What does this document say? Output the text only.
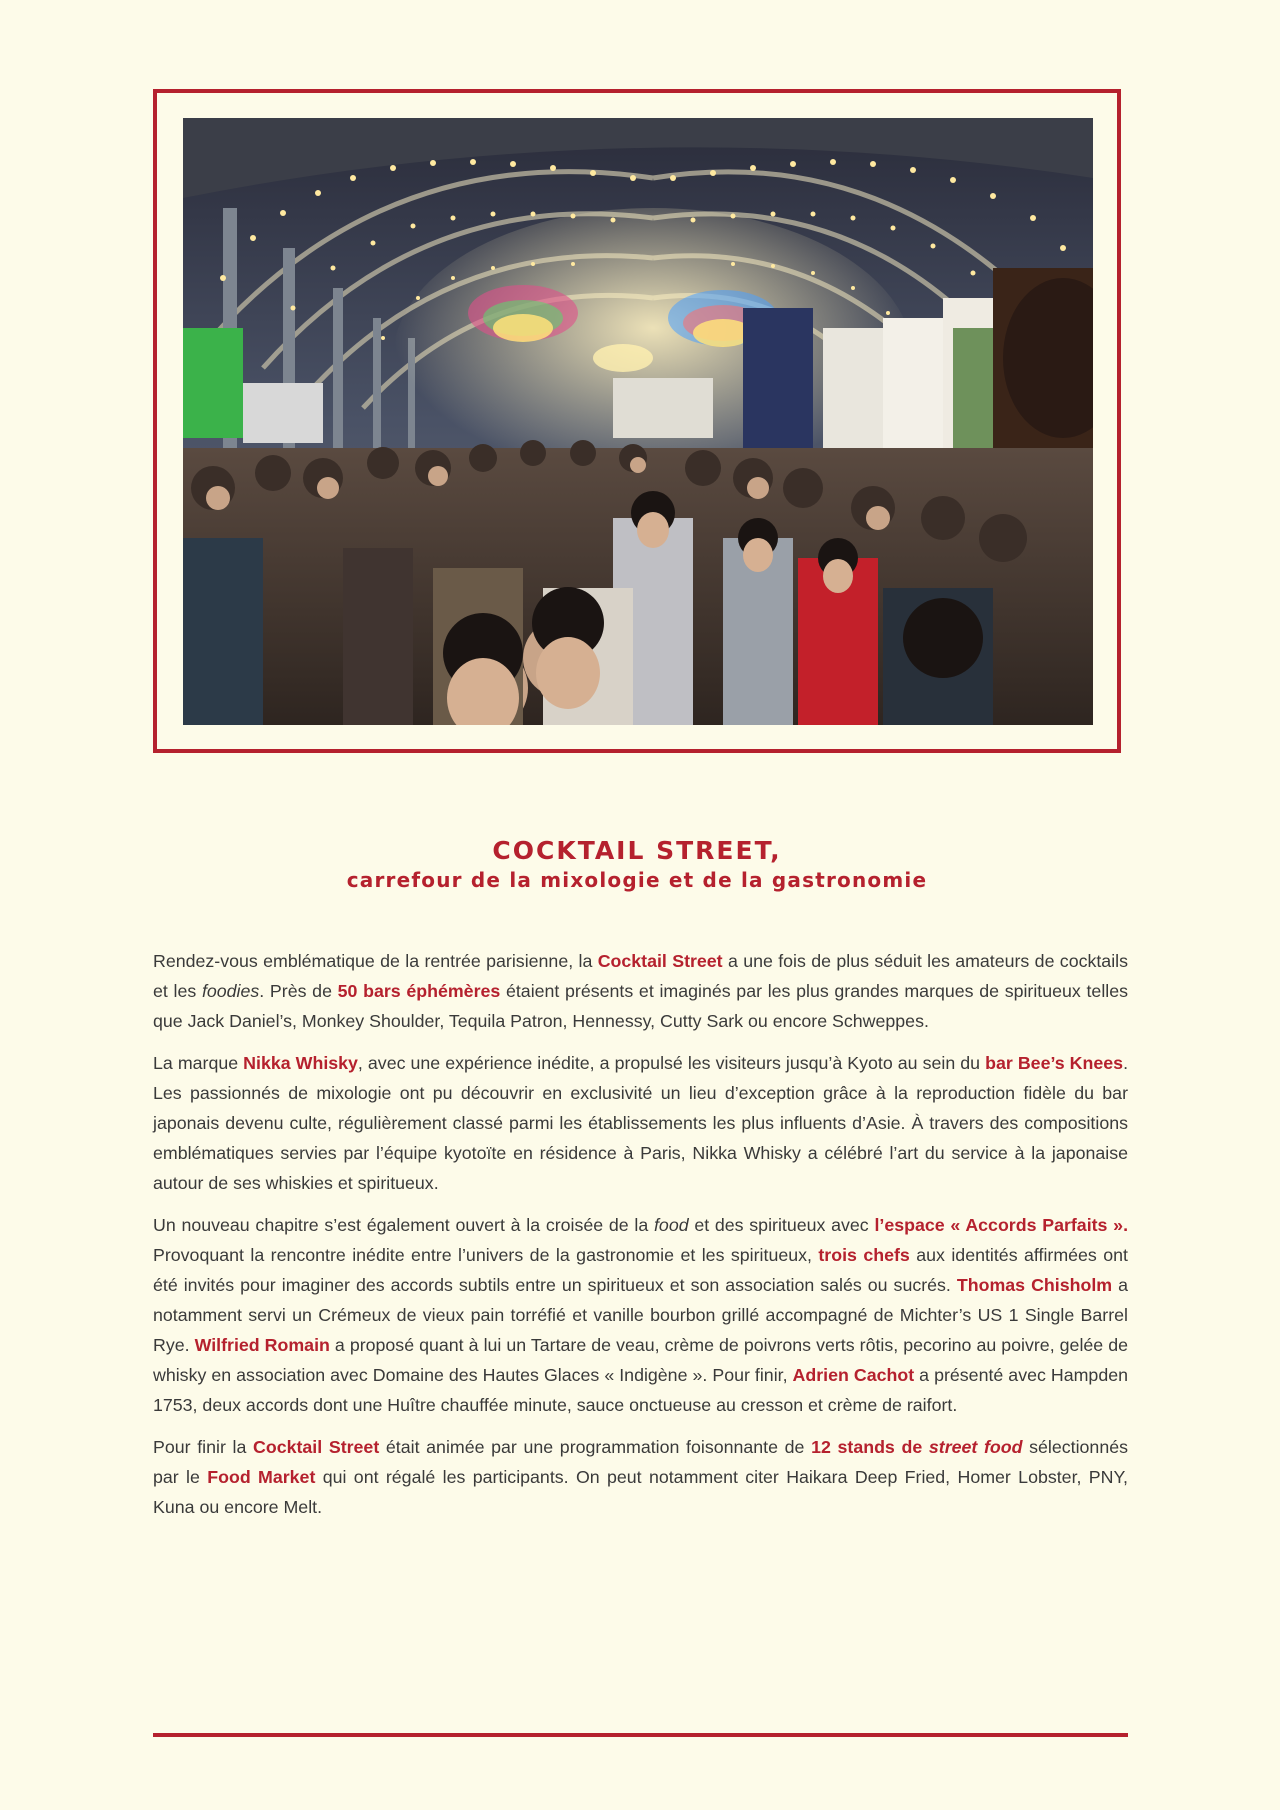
COCKTAIL STREET,
carrefour de la mixologie et de la gastronomie

Rendez-vous emblématique de la rentrée parisienne, la Cocktail Street a une fois de plus séduit les amateurs de cocktails et les foodies. Près de 50 bars éphémères étaient présents et imaginés par les plus grandes marques de spiritueux telles que Jack Daniel’s, Monkey Shoulder, Tequila Patron, Hennessy, Cutty Sark ou encore Schweppes.

La marque Nikka Whisky, avec une expérience inédite, a propulsé les visiteurs jusqu’à Kyoto au sein du bar Bee’s Knees. Les passionnés de mixologie ont pu découvrir en exclusivité un lieu d’exception grâce à la reproduction fidèle du bar japonais devenu culte, régulièrement classé parmi les établissements les plus influents d’Asie. À travers des compositions emblématiques servies par l’équipe kyotoïte en résidence à Paris, Nikka Whisky a célébré l’art du service à la japonaise autour de ses whiskies et spiritueux.

Un nouveau chapitre s’est également ouvert à la croisée de la food et des spiritueux avec l’espace « Accords Parfaits ». Provoquant la rencontre inédite entre l’univers de la gastronomie et les spiritueux, trois chefs aux identités affirmées ont été invités pour imaginer des accords subtils entre un spiritueux et son association salés ou sucrés. Thomas Chisholm a notamment servi un Crémeux de vieux pain torréfié et vanille bourbon grillé accompagné de Michter’s US 1 Single Barrel Rye. Wilfried Romain a proposé quant à lui un Tartare de veau, crème de poivrons verts rôtis, pecorino au poivre, gelée de whisky en association avec Domaine des Hautes Glaces « Indigène ». Pour finir, Adrien Cachot a présenté avec Hampden 1753, deux accords dont une Huître chauffée minute, sauce onctueuse au cresson et crème de raifort.

Pour finir la Cocktail Street était animée par une programmation foisonnante de 12 stands de street food sélectionnés par le Food Market qui ont régalé les participants. On peut notamment citer Haikara Deep Fried, Homer Lobster, PNY, Kuna ou encore Melt.
